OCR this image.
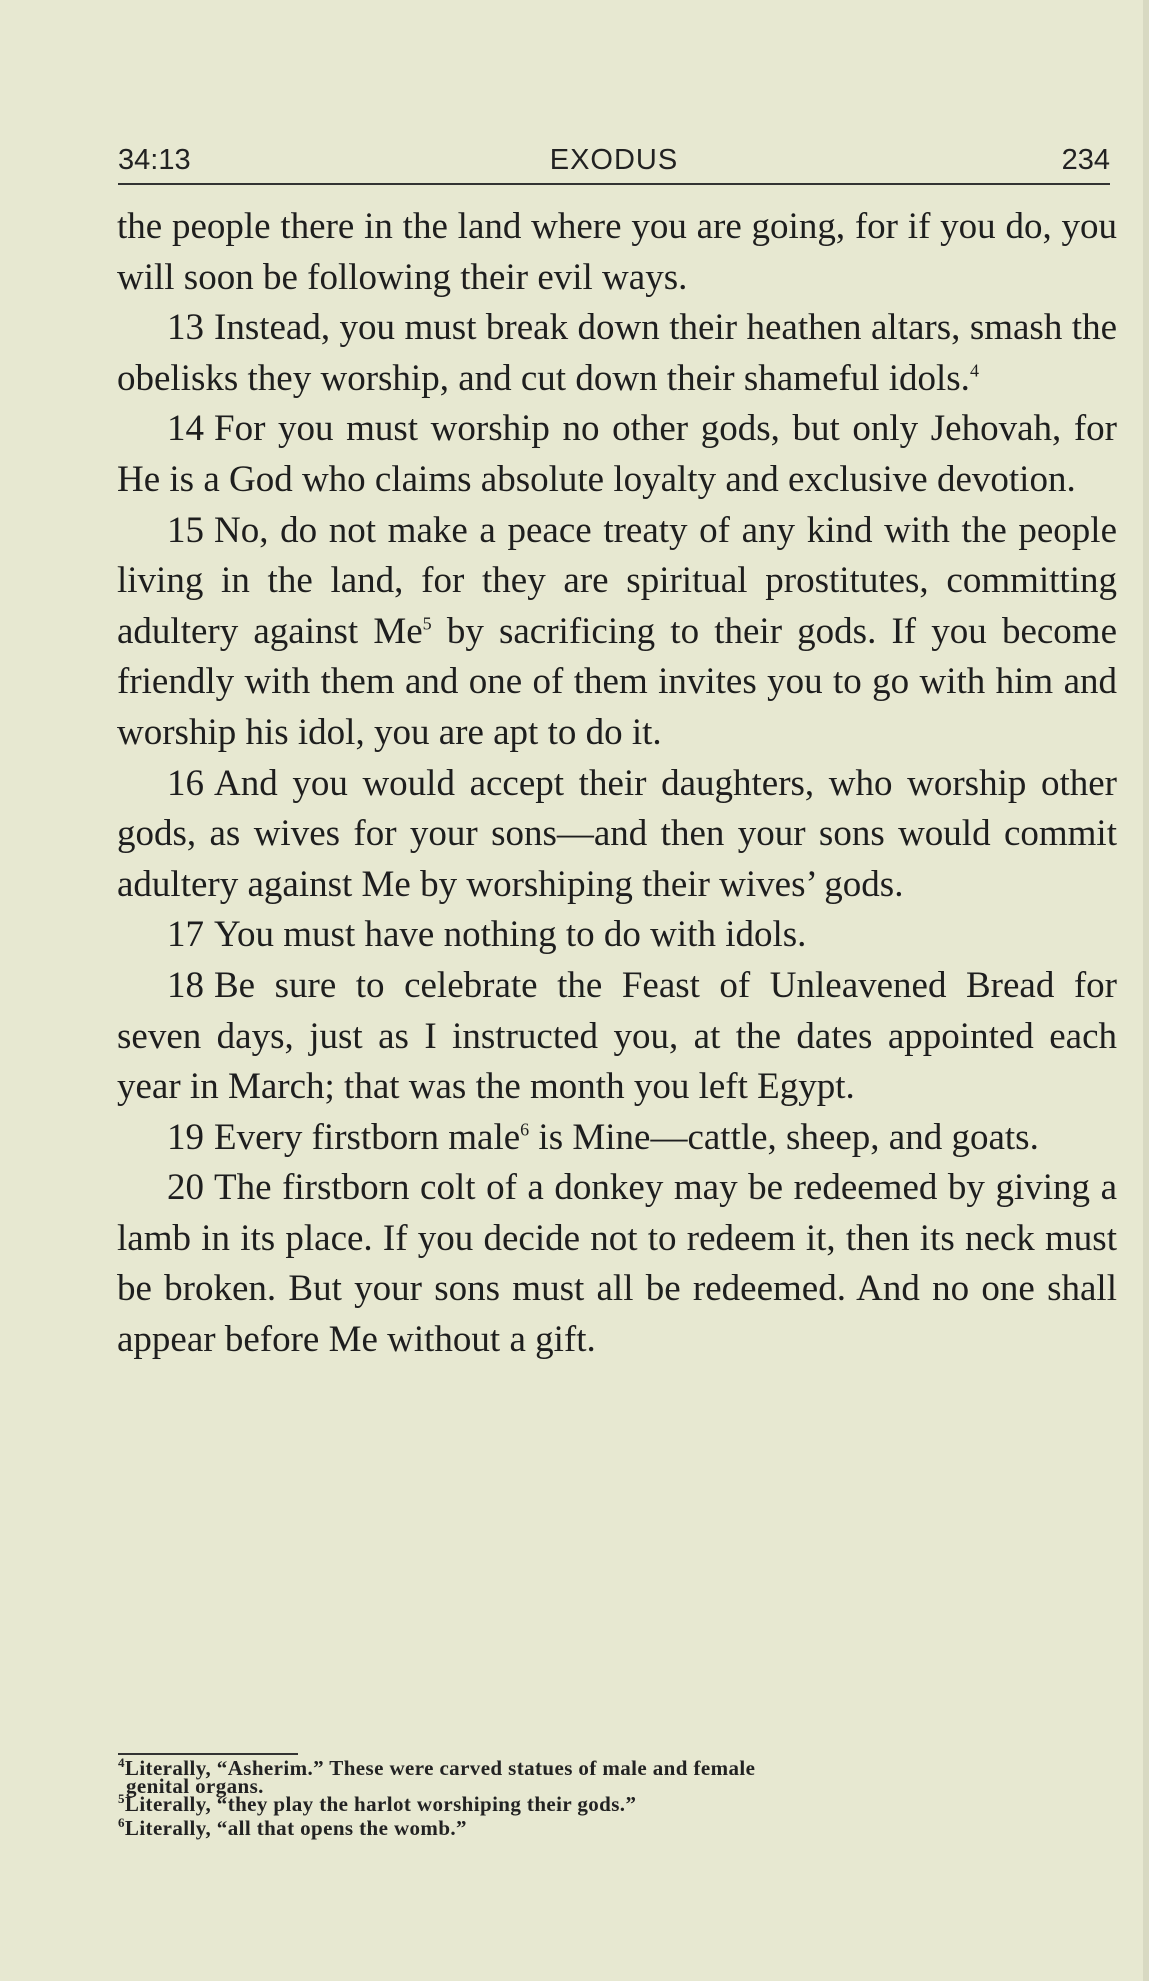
34:13	EXODUS	234

the people there in the land where you are going, for if you do, you will soon be following their evil ways.

13 Instead, you must break down their heathen altars, smash the obelisks they worship, and cut down their shameful idols.$^4$

14 For you must worship no other gods, but only Jehovah, for He is a God who claims absolute loyalty and exclusive devotion.

15 No, do not make a peace treaty of any kind with the people living in the land, for they are spiritual prostitutes, committing adultery against Me$^5$ by sacrificing to their gods. If you become friendly with them and one of them invites you to go with him and worship his idol, you are apt to do it.

16 And you would accept their daughters, who worship other gods, as wives for your sons—and then your sons would commit adultery against Me by worshiping their wives’ gods.

17 You must have nothing to do with idols.

18 Be sure to celebrate the Feast of Unleavened Bread for seven days, just as I instructed you, at the dates appointed each year in March; that was the month you left Egypt.

19 Every firstborn male$^6$ is Mine—cattle, sheep, and goats.

20 The firstborn colt of a donkey may be redeemed by giving a lamb in its place. If you decide not to redeem it, then its neck must be broken. But your sons must all be redeemed. And no one shall appear before Me without a gift.

$^4$Literally, “Asherim.” These were carved statues of male and female

genital organs.

$^5$Literally, “they play the harlot worshiping their gods.”

$^6$Literally, “all that opens the womb.”
